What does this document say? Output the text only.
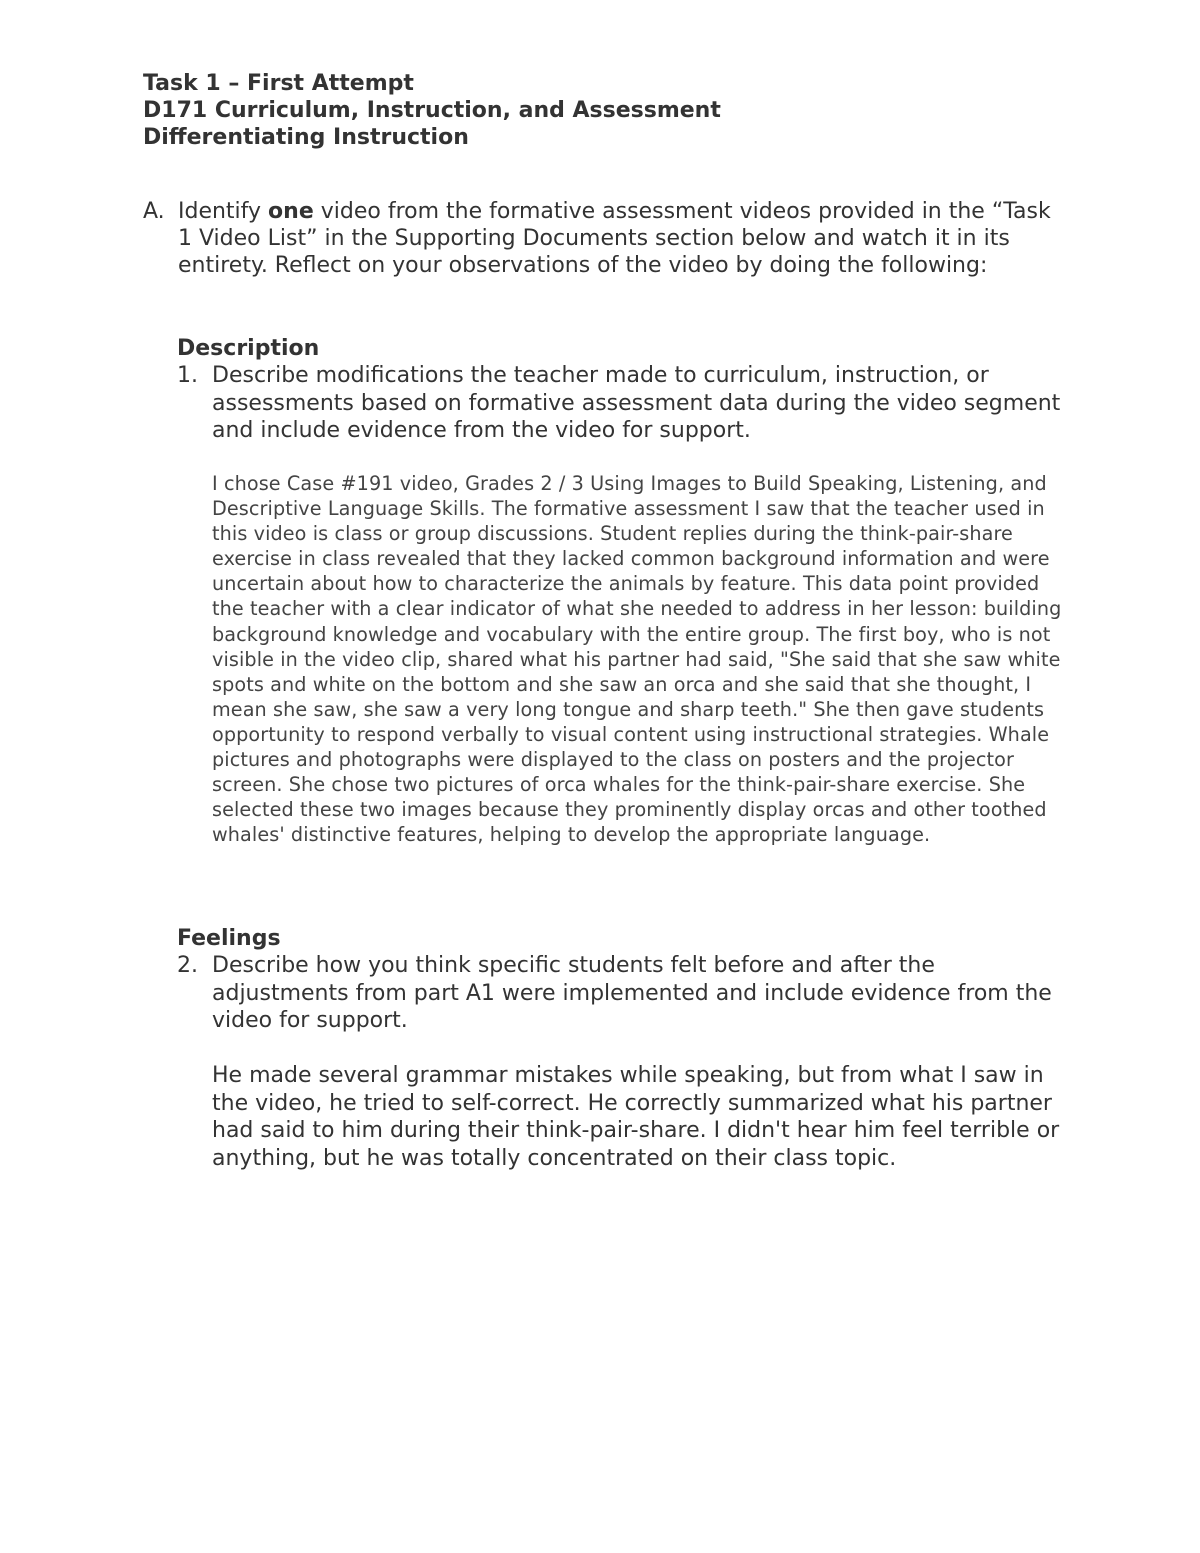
Task 1 – First Attempt
D171 Curriculum, Instruction, and Assessment
Differentiating Instruction
A. Identify one video from the formative assessment videos provided in the “Task 1 Video List” in the Supporting Documents section below and watch it in its entirety. Reflect on your observations of the video by doing the following:
Description
1. Describe modifications the teacher made to curriculum, instruction, or assessments based on formative assessment data during the video segment and include evidence from the video for support.
I chose Case #191 video, Grades 2 / 3 Using Images to Build Speaking, Listening, and Descriptive Language Skills. The formative assessment I saw that the teacher used in this video is class or group discussions. Student replies during the think-pair-share exercise in class revealed that they lacked common background information and were uncertain about how to characterize the animals by feature. This data point provided the teacher with a clear indicator of what she needed to address in her lesson: building background knowledge and vocabulary with the entire group. The first boy, who is not visible in the video clip, shared what his partner had said, "She said that she saw white spots and white on the bottom and she saw an orca and she said that she thought, I mean she saw, she saw a very long tongue and sharp teeth." She then gave students opportunity to respond verbally to visual content using instructional strategies. Whale pictures and photographs were displayed to the class on posters and the projector screen. She chose two pictures of orca whales for the think-pair-share exercise. She selected these two images because they prominently display orcas and other toothed whales' distinctive features, helping to develop the appropriate language.
Feelings
2. Describe how you think specific students felt before and after the adjustments from part A1 were implemented and include evidence from the video for support.
He made several grammar mistakes while speaking, but from what I saw in the video, he tried to self-correct. He correctly summarized what his partner had said to him during their think-pair-share. I didn't hear him feel terrible or anything, but he was totally concentrated on their class topic.
